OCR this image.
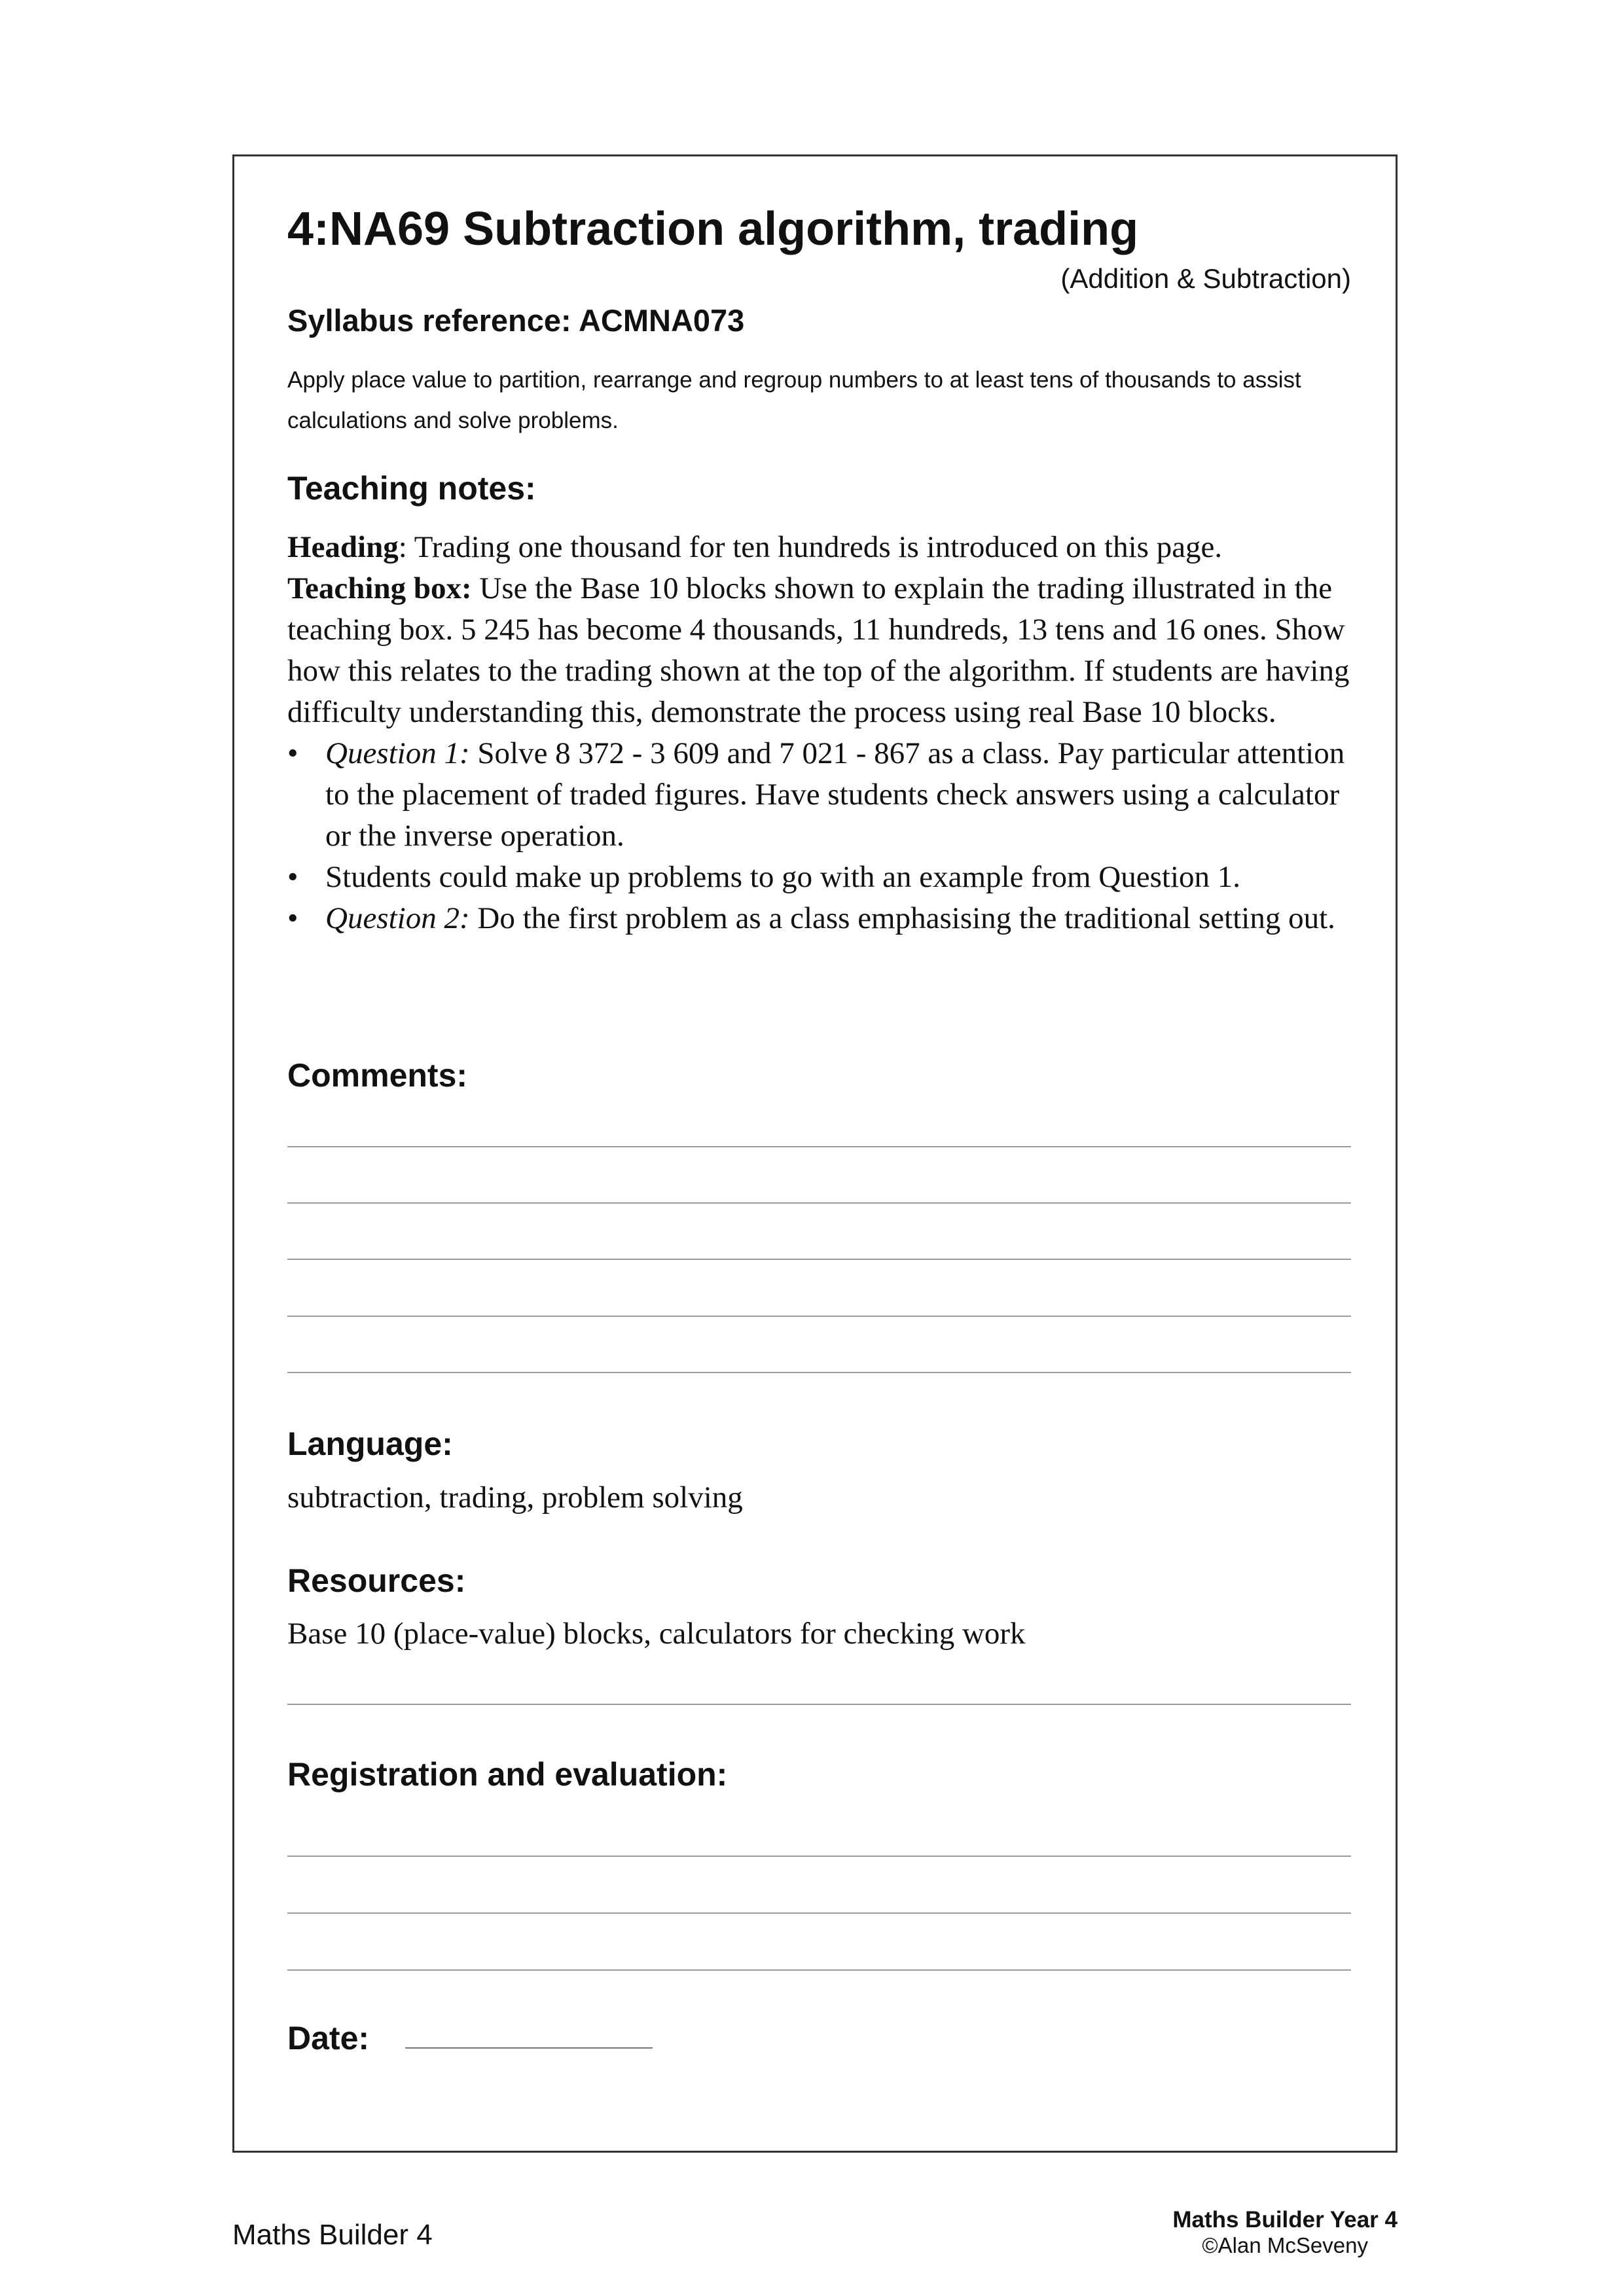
4:NA69 Subtraction algorithm, trading
(Addition & Subtraction)
Syllabus reference: ACMNA073
Apply place value to partition, rearrange and regroup numbers to at least tens of thousands to assist calculations and solve problems.
Teaching notes:
Heading: Trading one thousand for ten hundreds is introduced on this page.
Teaching box: Use the Base 10 blocks shown to explain the trading illustrated in the teaching box. 5 245 has become 4 thousands, 11 hundreds, 13 tens and 16 ones. Show how this relates to the trading shown at the top of the algorithm. If students are having difficulty understanding this, demonstrate the process using real Base 10 blocks.
• Question 1: Solve 8 372 - 3 609 and 7 021 - 867 as a class. Pay particular attention to the placement of traded figures. Have students check answers using a calculator or the inverse operation.
• Students could make up problems to go with an example from Question 1.
• Question 2: Do the first problem as a class emphasising the traditional setting out.
Comments:
Language:
subtraction, trading, problem solving
Resources:
Base 10 (place-value) blocks, calculators for checking work
Registration and evaluation:
Date:
Maths Builder 4	Maths Builder Year 4
©Alan McSeveny
